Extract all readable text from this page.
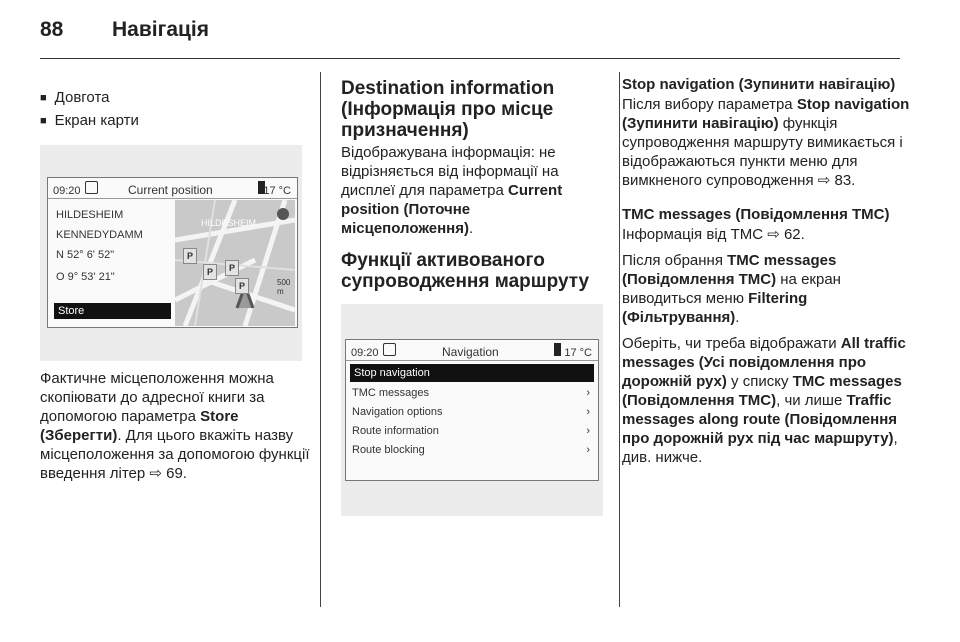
88 Навігація
■ Довгота
■ Екран карти
09:20	Current position	17 °C
HILDESHEIM
KENNEDYDAMM
N 52° 6' 52"
O 9° 53' 21"
Store
HILDESHEIM
P
P	P
P	500 m

Фактичне місцеположення можна скопіювати до адресної книги за допомогою параметра Store (Зберегти). Для цього вкажіть назву місцеположення за допомогою функції введення літер ⇨ 69.

Destination information (Інформація про місце призначення)

Відображувана інформація: не відрізняється від інформації на дисплеї для параметра Current position (Поточне місцеположення).

Функції активованого супроводження маршруту
09:20	Navigation	17 °C
Stop navigation
TMC messages	›
Navigation options	›
Route information	›
Route blocking	›
Stop navigation (Зупинити навігацію)

Після вибору параметра Stop navigation (Зупинити навігацію) функція супроводження маршруту вимикається і відображаються пункти меню для вимкненого супроводження ⇨ 83.

TMC messages (Повідомлення TMC)

Інформація від TMC ⇨ 62.

Після обрання TMC messages (Повідомлення TMC) на екран виводиться меню Filtering (Фільтрування).

Оберіть, чи треба відображати All traffic messages (Усі повідомлення про дорожній рух) у списку TMC messages (Повідомлення TMC), чи лише Traffic messages along route (Повідомлення про дорожній рух під час маршруту), див. нижче.
